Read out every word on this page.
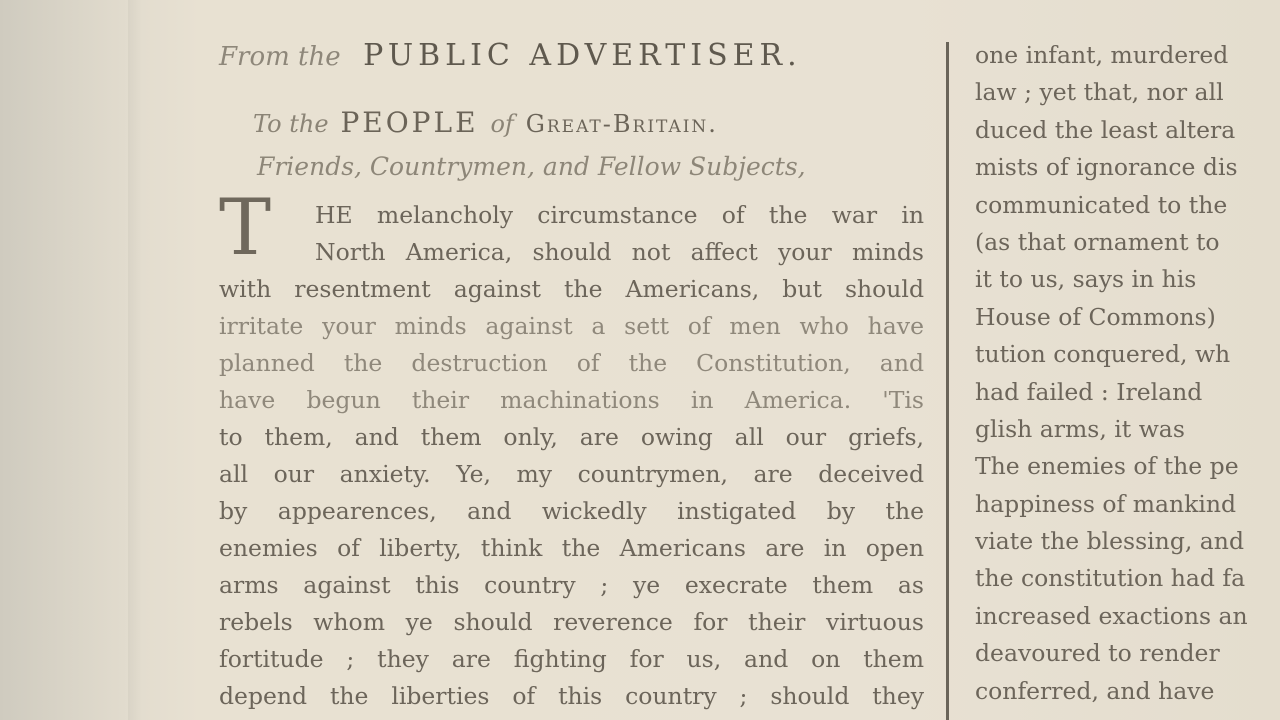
From the PUBLIC ADVERTISER.
To the PEOPLE of Great-Britain.
Friends, Countrymen, and Fellow Subjects,
T	HE melancholy circumstance of the war in
North America, should not affect your minds
with resentment against the Americans, but should
irritate your minds against a sett of men who have
planned the destruction of the Constitution, and
have begun their machinations in America. 'Tis
to them, and them only, are owing all our griefs,
all our anxiety. Ye, my countrymen, are deceived
by appearences, and wickedly instigated by the
enemies of liberty, think the Americans are in open
arms against this country ; ye execrate them as
rebels whom ye should reverence for their virtuous
fortitude ; they are fighting for us, and on them
depend the liberties of this country ; should they
one infant, murdered
law ; yet that, nor all
duced the least altera
mists of ignorance dis
communicated to the
(as that ornament to
it to us, says in his
House of Commons)
tution conquered, wh
had failed : Ireland
glish arms, it was
The enemies of the pe
happiness of mankind
viate the blessing, and
the constitution had fa
increased exactions an
deavoured to render
conferred, and have
